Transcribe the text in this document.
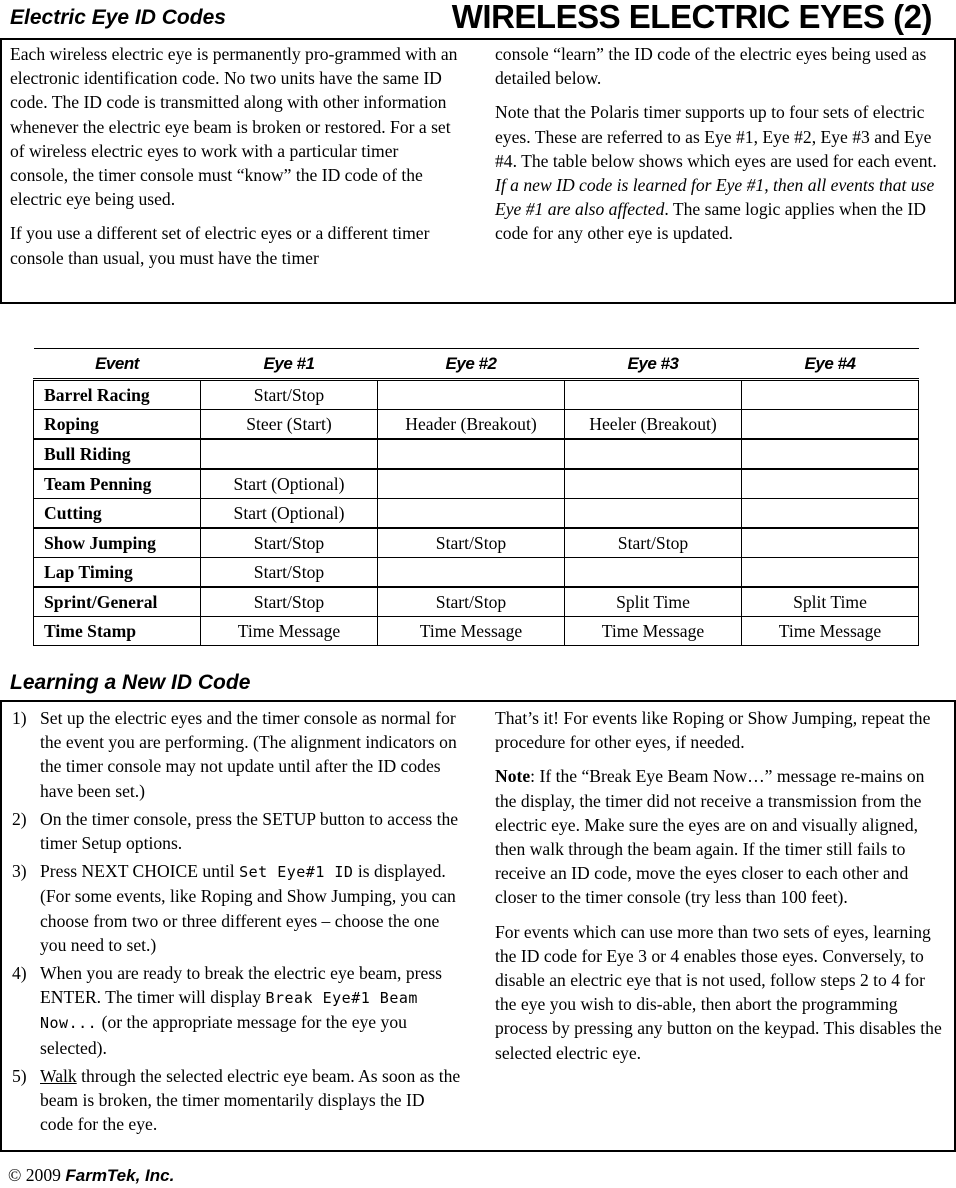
Electric Eye ID Codes	WIRELESS ELECTRIC EYES (2)

Each wireless electric eye is permanently pro-grammed with an electronic identification code. No two units have the same ID code. The ID code is transmitted along with other information whenever the electric eye beam is broken or restored. For a set of wireless electric eyes to work with a particular timer console, the timer console must “know” the ID code of the electric eye being used.

If you use a different set of electric eyes or a different timer console than usual, you must have the timer

console “learn” the ID code of the electric eyes being used as detailed below.

Note that the Polaris timer supports up to four sets of electric eyes. These are referred to as Eye #1, Eye #2, Eye #3 and Eye #4. The table below shows which eyes are used for each event. If a new ID code is learned for Eye #1, then all events that use Eye #1 are also affected. The same logic applies when the ID code for any other eye is updated.

Event	Eye #1	Eye #2	Eye #3	Eye #4
Barrel Racing	Start/Stop			
Roping	Steer (Start)	Header (Breakout)	Heeler (Breakout)	
Bull Riding				
Team Penning	Start (Optional)			
Cutting	Start (Optional)			
Show Jumping	Start/Stop	Start/Stop	Start/Stop	
Lap Timing	Start/Stop			
Sprint/General	Start/Stop	Start/Stop	Split Time	Split Time
Time Stamp	Time Message	Time Message	Time Message	Time Message
Learning a New ID Code
1) Set up the electric eyes and the timer console as normal for the event you are performing. (The alignment indicators on the timer console may not update until after the ID codes have been set.)
2) On the timer console, press the SETUP button to access the timer Setup options.
3) Press NEXT CHOICE until Set Eye#1 ID is displayed. (For some events, like Roping and Show Jumping, you can choose from two or three different eyes – choose the one you need to set.)
4) When you are ready to break the electric eye beam, press ENTER. The timer will display Break Eye#1 Beam Now... (or the appropriate message for the eye you selected).
5) Walk through the selected electric eye beam. As soon as the beam is broken, the timer momentarily displays the ID code for the eye.

That’s it! For events like Roping or Show Jumping, repeat the procedure for other eyes, if needed.

Note: If the “Break Eye Beam Now…” message re-mains on the display, the timer did not receive a transmission from the electric eye. Make sure the eyes are on and visually aligned, then walk through the beam again. If the timer still fails to receive an ID code, move the eyes closer to each other and closer to the timer console (try less than 100 feet).

For events which can use more than two sets of eyes, learning the ID code for Eye 3 or 4 enables those eyes. Conversely, to disable an electric eye that is not used, follow steps 2 to 4 for the eye you wish to dis-able, then abort the programming process by pressing any button on the keypad. This disables the selected electric eye.

© 2009 FarmTek, Inc.
